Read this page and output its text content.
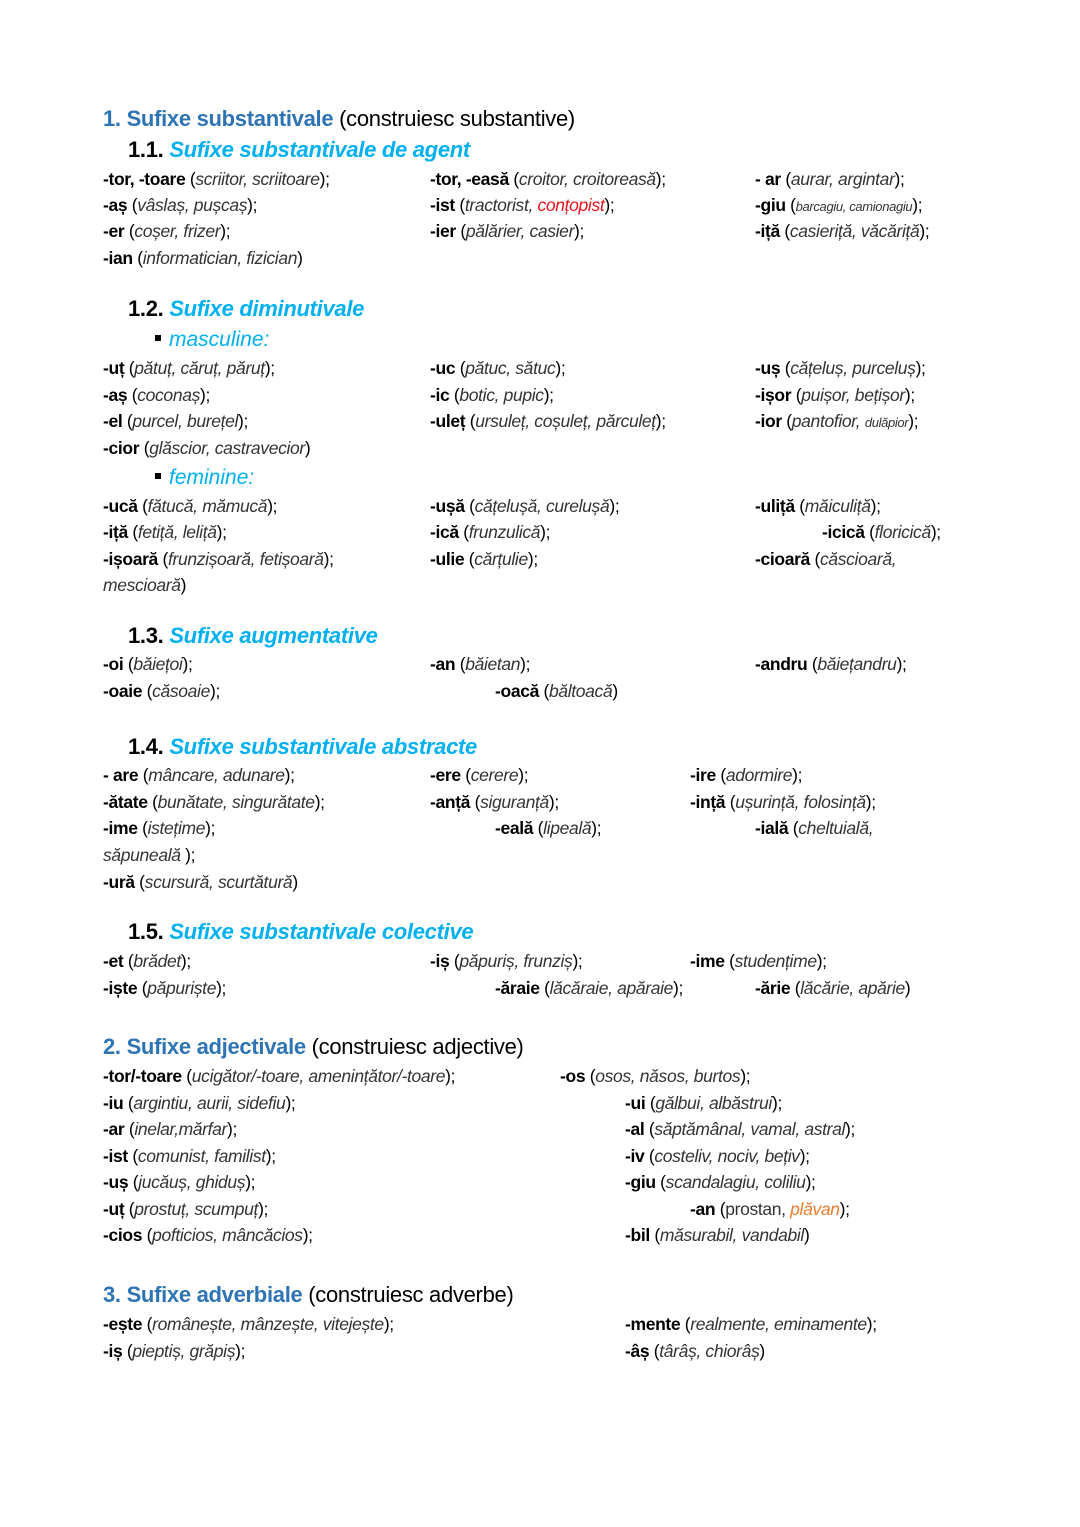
1. Sufixe substantivale (construiesc substantive)
1.1. Sufixe substantivale de agent
-tor, -toare (scriitor, scriitoare);	-tor, -easă (croitor, croitoreasă);	- ar (aurar, argintar);
-aș (vâslaș, pușcaș);	-ist (tractorist, conțopist);	-giu (barcagiu, camionagiu);
-er (coșer, frizer);	-ier (pălărier, casier);	-iță (casieriță, văcăriță);
-ian (informatician, fizician)
1.2. Sufixe diminutivale
masculine:
-uț (pătuț, căruț, păruț);	-uc (pătuc, sătuc);	-uș (cățeluș, purceluș);
-aș (coconaș);	-ic (botic, pupic);	-ișor (puișor, bețișor);
-el (purcel, burețel);	-uleț (ursuleț, coșuleț, părculeț);	-ior (pantofior, dulăpior);
-cior (glăscior, castravecior)
feminine:
-ucă (fătucă, mămucă);	-ușă (cățelușă, curelușă);	-uliță (măiculiță);
-iță (fetiță, leliță);	-ică (frunzulică);	-icică (floricică);
-ișoară (frunzișoară, fetișoară);	-ulie (cărțulie);	-cioară (căscioară,
mescioară)
1.3. Sufixe augmentative
-oi (băiețoi);	-an (băietan);	-andru (băiețandru);
-oaie (căsoaie);	-oacă (băltoacă)
1.4. Sufixe substantivale abstracte
- are (mâncare, adunare);	-ere (cerere);	-ire (adormire);
-ătate (bunătate, singurătate);	-anță (siguranță);	-ință (ușurință, folosință);
-ime (istețime);	-eală (lipeală);	-ială (cheltuială,
săpuneală );
-ură (scursură, scurtătură)
1.5. Sufixe substantivale colective
-et (brădet);	-iș (păpuriș, frunziș);	-ime (studențime);
-iște (păpuriște);	-ăraie (lăcăraie, apăraie);	-ărie (lăcărie, apărie)
2. Sufixe adjectivale (construiesc adjective)
-tor/-toare (ucigător/-toare, amenințător/-toare);	-os (osos, năsos, burtos);
-iu (argintiu, aurii, sidefiu);	-ui (gălbui, albăstrui);
-ar (inelar,mărfar);	-al (săptămânal, vamal, astral);
-ist (comunist, familist);	-iv (costeliv, nociv, bețiv);
-uș (jucăuș, ghiduș);	-giu (scandalagiu, coliliu);
-uț (prostuț, scumpuț);	-an (prostan, plăvan);
-cios (pofticios, mâncăcios);	-bil (măsurabil, vandabil)
3. Sufixe adverbiale (construiesc adverbe)
-ește (românește, mânzește, vitejește);	-mente (realmente, eminamente);
-iș (pieptiș, grăpiș);	-âș (târâș, chiorâș)
